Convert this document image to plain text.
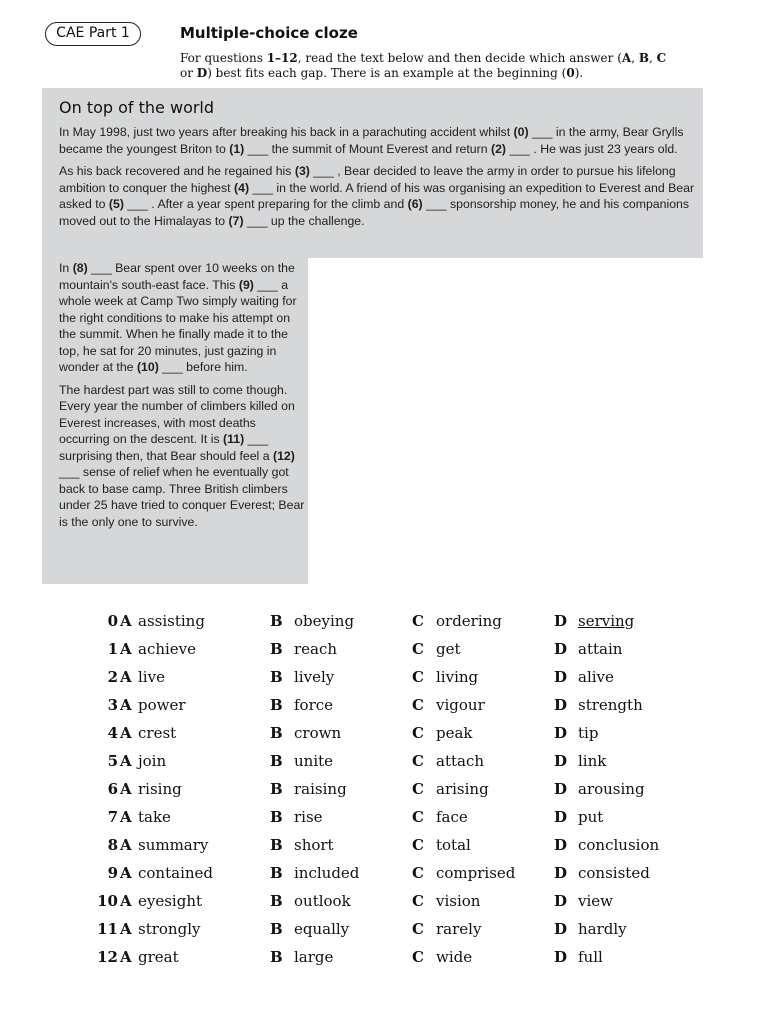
CAE Part 1	Multiple-choice cloze
For questions 1–12, read the text below and then decide which answer (A, B, C or D) best fits each gap. There is an example at the beginning (0).
On top of the world

In May 1998, just two years after breaking his back in a parachuting accident whilst (0) ___ in the army, Bear Grylls became the youngest Briton to (1) ___ the summit of Mount Everest and return (2) ___ . He was just 23 years old.

As his back recovered and he regained his (3) ___ , Bear decided to leave the army in order to pursue his lifelong ambition to conquer the highest (4) ___ in the world. A friend of his was organising an expedition to Everest and Bear asked to (5) ___ . After a year spent preparing for the climb and (6) ___ sponsorship money, he and his companions moved out to the Himalayas to (7) ___ up the challenge.

In (8) ___ Bear spent over 10 weeks on the mountain's south-east face. This (9) ___ a whole week at Camp Two simply waiting for the right conditions to make his attempt on the summit. When he finally made it to the top, he sat for 20 minutes, just gazing in wonder at the (10) ___ before him.

The hardest part was still to come though. Every year the number of climbers killed on Everest increases, with most deaths occurring on the descent. It is (11) ___ surprising then, that Bear should feel a (12) ___ sense of relief when he eventually got back to base camp. Three British climbers under 25 have tried to conquer Everest; Bear is the only one to survive.

0 A assisting	B obeying	C ordering	D serving
1 A achieve	B reach	C get	D attain
2 A live	B lively	C living	D alive
3 A power	B force	C vigour	D strength
4 A crest	B crown	C peak	D tip
5 A join	B unite	C attach	D link
6 A rising	B raising	C arising	D arousing
7 A take	B rise	C face	D put
8 A summary	B short	C total	D conclusion
9 A contained	B included	C comprised	D consisted
10 A eyesight	B outlook	C vision	D view
11 A strongly	B equally	C rarely	D hardly
12 A great	B large	C wide	D full
